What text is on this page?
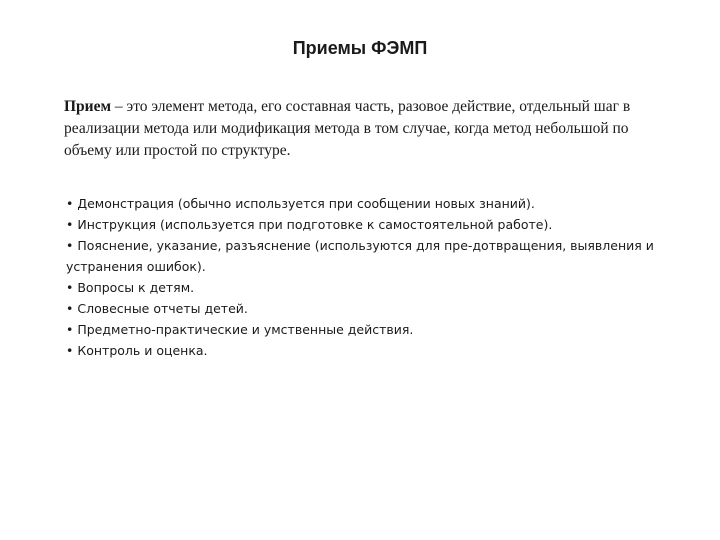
Приемы ФЭМП

Прием – это элемент метода, его составная часть, разовое действие, отдельный шаг в реализации метода или модификация метода в том случае, когда метод небольшой по объему или простой по структуре.

• Демонстрация (обычно используется при сообщении новых знаний).
• Инструкция (используется при подготовке к самостоятельной работе).
• Пояснение, указание, разъяснение (используются для пре-дотвращения, выявления и устранения ошибок).
• Вопросы к детям.
• Словесные отчеты детей.
• Предметно-практические и умственные действия.
• Контроль и оценка.
